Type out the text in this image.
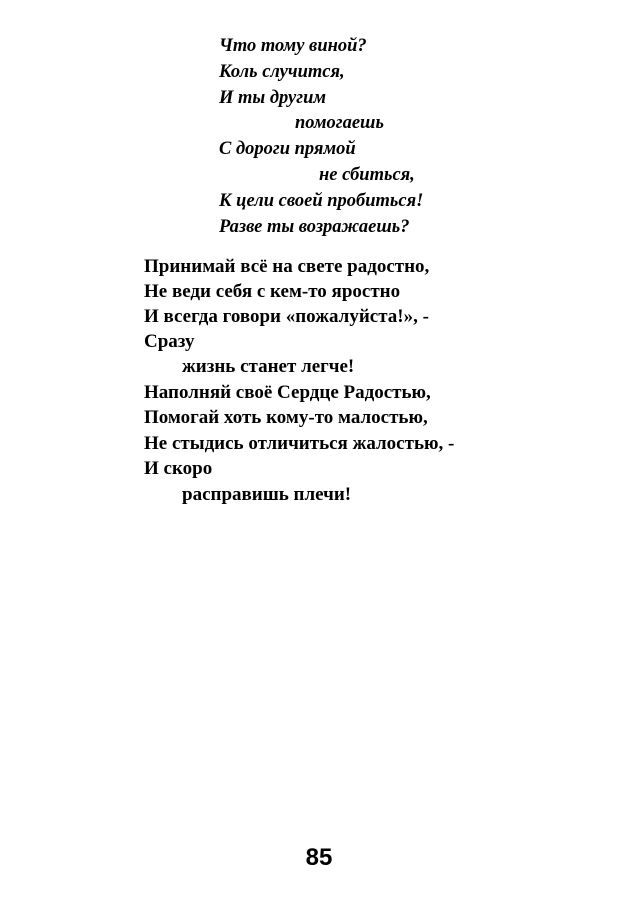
Что тому виной?
Коль случится,
И ты другим
помогаешь
С дороги прямой
не сбиться,
К цели своей пробиться!
Разве ты возражаешь?
Принимай всё на свете радостно,
Не веди себя с кем-то яростно
И всегда говори «пожалуйста!», -
Сразу
жизнь станет легче!
Наполняй своё Сердце Радостью,
Помогай хоть кому-то малостью,
Не стыдись отличиться жалостью, -
И скоро
расправишь плечи!
85
